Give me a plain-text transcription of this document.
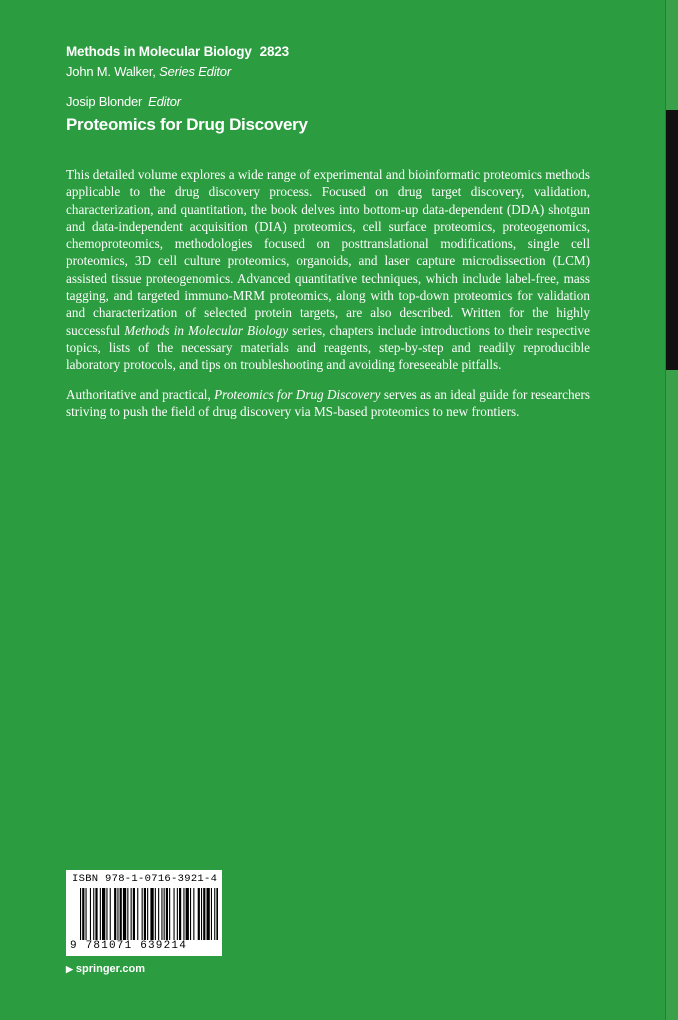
Methods in Molecular Biology 2823
John M. Walker, Series Editor
Josip Blonder Editor
Proteomics for Drug Discovery

This detailed volume explores a wide range of experimental and bioinformatic proteomics methods applicable to the drug discovery process. Focused on drug target discovery, validation, characterization, and quantitation, the book delves into bottom-up data-dependent (DDA) shotgun and data-independent acquisition (DIA) proteomics, cell surface proteomics, proteogenomics, chemoproteomics, methodologies focused on posttranslational modifications, single cell proteomics, 3D cell culture proteomics, organoids, and laser capture microdissection (LCM) assisted tissue proteogenomics. Advanced quantitative techniques, which include label-free, mass tagging, and targeted immuno-MRM proteomics, along with top-down proteomics for validation and characterization of selected protein targets, are also described. Written for the highly successful Methods in Molecular Biology series, chapters include introductions to their respective topics, lists of the necessary materials and reagents, step-by-step and readily reproducible laboratory protocols, and tips on troubleshooting and avoiding foreseeable pitfalls.

Authoritative and practical, Proteomics for Drug Discovery serves as an ideal guide for researchers striving to push the field of drug discovery via MS-based proteomics to new frontiers.

ISBN 978-1-0716-3921-4
9 781071 639214
▶ springer.com
